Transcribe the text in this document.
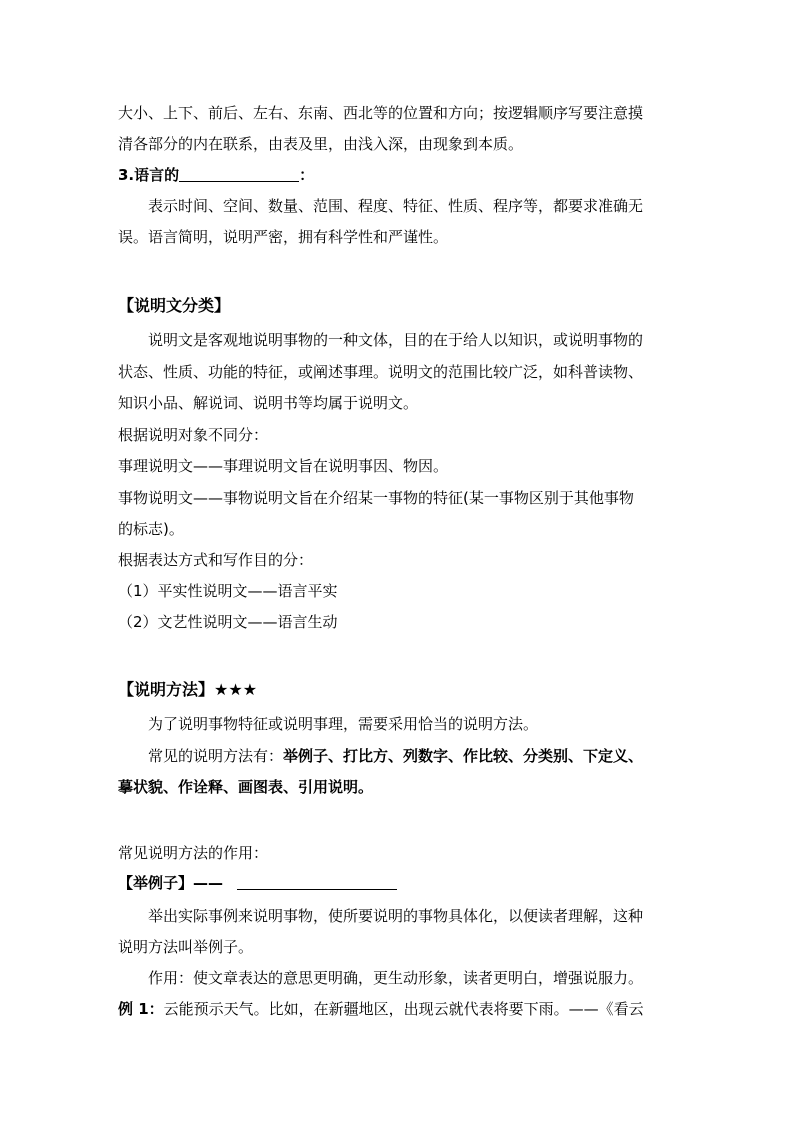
大小、上下、前后、左右、东南、西北等的位置和方向；按逻辑顺序写要注意摸
清各部分的内在联系，由表及里，由浅入深，由现象到本质。
3.语言的	：
表示时间、空间、数量、范围、程度、特征、性质、程序等，都要求准确无
误。语言简明，说明严密，拥有科学性和严谨性。
【说明文分类】
说明文是客观地说明事物的一种文体，目的在于给人以知识，或说明事物的
状态、性质、功能的特征，或阐述事理。说明文的范围比较广泛，如科普读物、
知识小品、解说词、说明书等均属于说明文。
根据说明对象不同分：
事理说明文——事理说明文旨在说明事因、物因。
事物说明文——事物说明文旨在介绍某一事物的特征(某一事物区别于其他事物
的标志)。
根据表达方式和写作目的分：
（1）平实性说明文——语言平实
（2）文艺性说明文——语言生动
【说明方法】★★★
为了说明事物特征或说明事理，需要采用恰当的说明方法。
常见的说明方法有：举例子、打比方、列数字、作比较、分类别、下定义、
摹状貌、作诠释、画图表、引用说明。
常见说明方法的作用：
【举例子】——
举出实际事例来说明事物，使所要说明的事物具体化，以便读者理解，这种
说明方法叫举例子。
作用：使文章表达的意思更明确，更生动形象，读者更明白，增强说服力。
例 1：云能预示天气。比如，在新疆地区，出现云就代表将要下雨。——《看云
